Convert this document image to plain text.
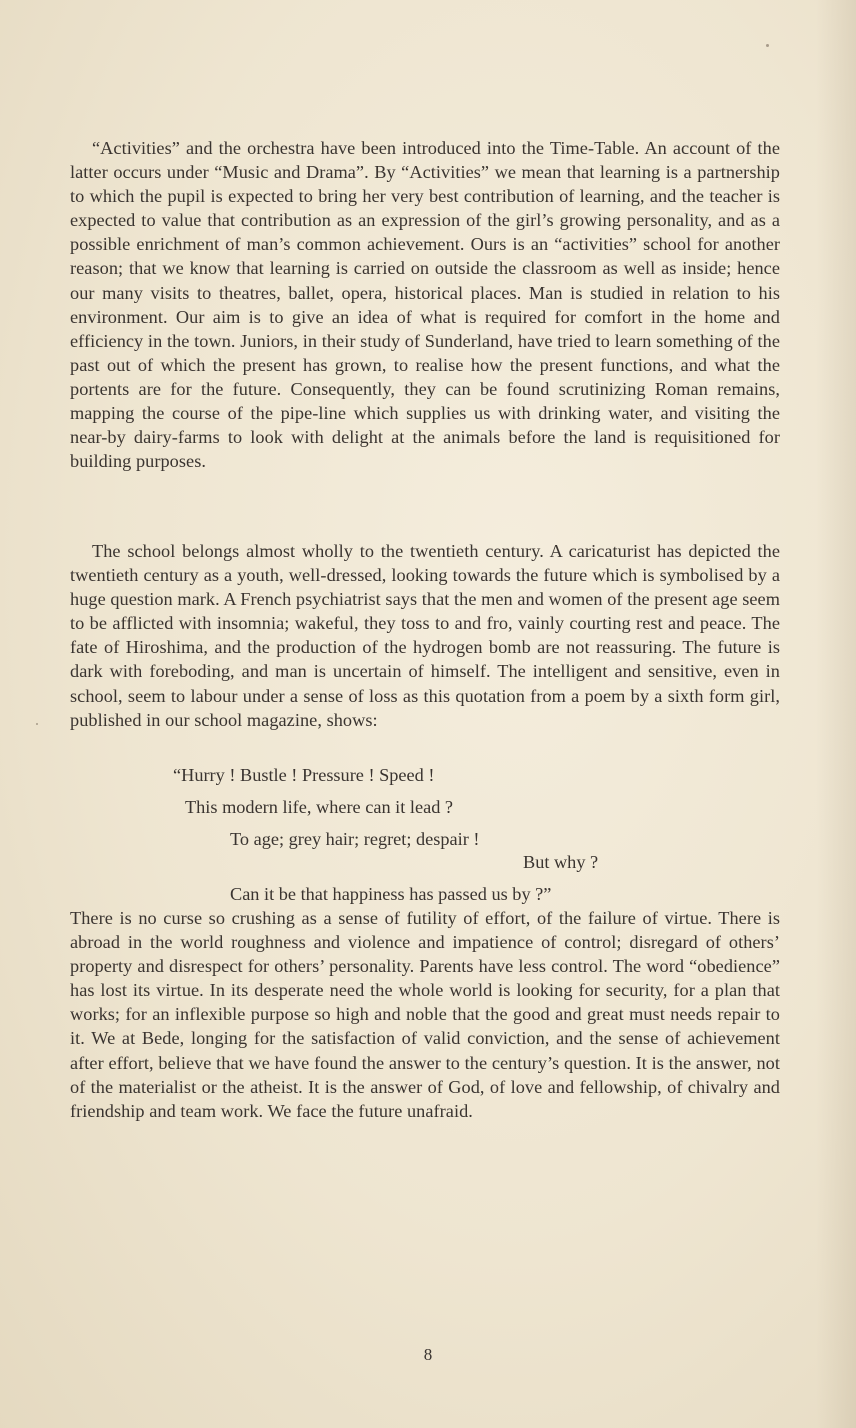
“Activities” and the orchestra have been introduced into the Time-Table. An account of the latter occurs under “Music and Drama”. By “Activities” we mean that learning is a partnership to which the pupil is expected to bring her very best contribution of learning, and the teacher is expected to value that contribution as an expression of the girl’s growing personality, and as a possible enrichment of man’s common achievement. Ours is an “activities” school for another reason; that we know that learning is carried on outside the classroom as well as inside; hence our many visits to theatres, ballet, opera, historical places. Man is studied in relation to his environment. Our aim is to give an idea of what is required for comfort in the home and efficiency in the town. Juniors, in their study of Sunderland, have tried to learn something of the past out of which the present has grown, to realise how the present functions, and what the portents are for the future. Consequently, they can be found scrutinizing Roman remains, mapping the course of the pipe-line which supplies us with drinking water, and visiting the near-by dairy-farms to look with delight at the animals before the land is requisitioned for building purposes.

The school belongs almost wholly to the twentieth century. A caricaturist has depicted the twentieth century as a youth, well-dressed, looking towards the future which is symbolised by a huge question mark. A French psychiatrist says that the men and women of the present age seem to be afflicted with insomnia; wakeful, they toss to and fro, vainly courting rest and peace. The fate of Hiroshima, and the production of the hydrogen bomb are not reassuring. The future is dark with foreboding, and man is uncertain of himself. The intelligent and sensitive, even in school, seem to labour under a sense of loss as this quotation from a poem by a sixth form girl, published in our school magazine, shows:

“Hurry ! Bustle ! Pressure ! Speed !
This modern life, where can it lead ?
To age; grey hair; regret; despair !
But why ?
Can it be that happiness has passed us by ?”

There is no curse so crushing as a sense of futility of effort, of the failure of virtue. There is abroad in the world roughness and violence and impatience of control; disregard of others’ property and disrespect for others’ personality. Parents have less control. The word “obedience” has lost its virtue. In its desperate need the whole world is looking for security, for a plan that works; for an inflexible purpose so high and noble that the good and great must needs repair to it. We at Bede, longing for the satisfaction of valid conviction, and the sense of achievement after effort, believe that we have found the answer to the century’s question. It is the answer, not of the materialist or the atheist. It is the answer of God, of love and fellowship, of chivalry and friendship and team work. We face the future unafraid.

8
